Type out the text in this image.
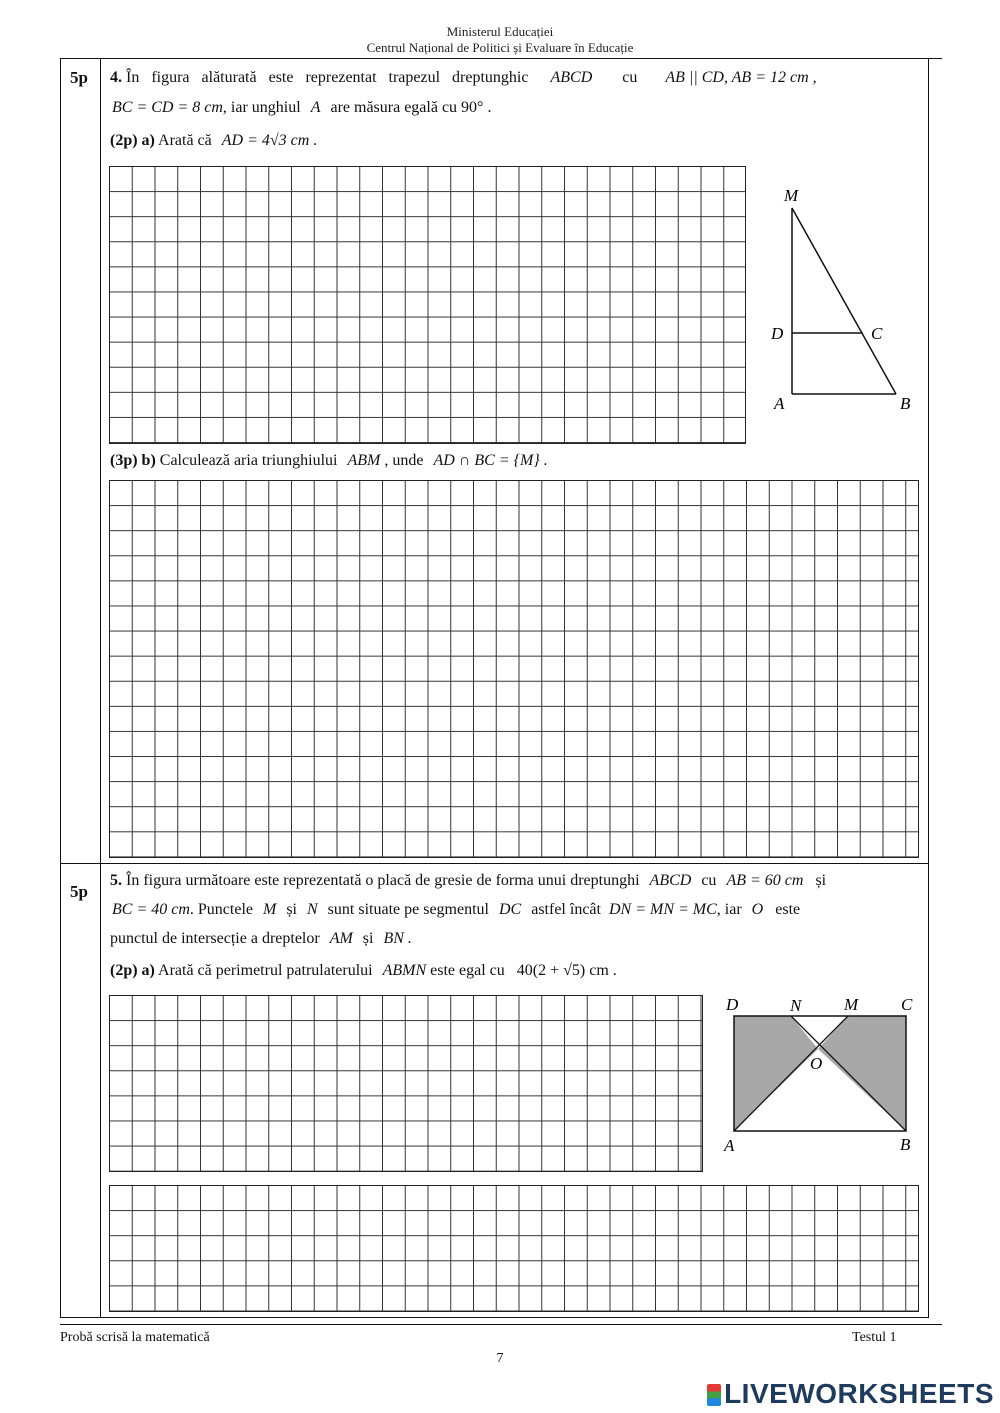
Ministerul Educației
Centrul Național de Politici și Evaluare în Educație
5p 4. În figura alăturată este reprezentat trapezul dreptunghic ABCD cu AB || CD, AB = 12 cm ,
BC = CD = 8 cm, iar unghiul A are măsura egală cu 90° .
(2p) a) Arată că AD = 4√3 cm .
M
D	C
A	B
(3p) b) Calculează aria triunghiului ABM , unde AD ∩ BC = {M} .
5p
5. În figura următoare este reprezentată o placă de gresie de forma unui dreptunghi ABCD cu AB = 60 cm și
BC = 40 cm. Punctele M și N sunt situate pe segmentul DC astfel încât DN = MN = MC, iar O este
punctul de intersecție a dreptelor AM și BN .
(2p) a) Arată că perimetrul patrulaterului ABMN este egal cu 40(2 + √5) cm .
D	N	M	C
O
A	B
Probă scrisă la matematică	Testul 1
7
LIVEWORKSHEETS
